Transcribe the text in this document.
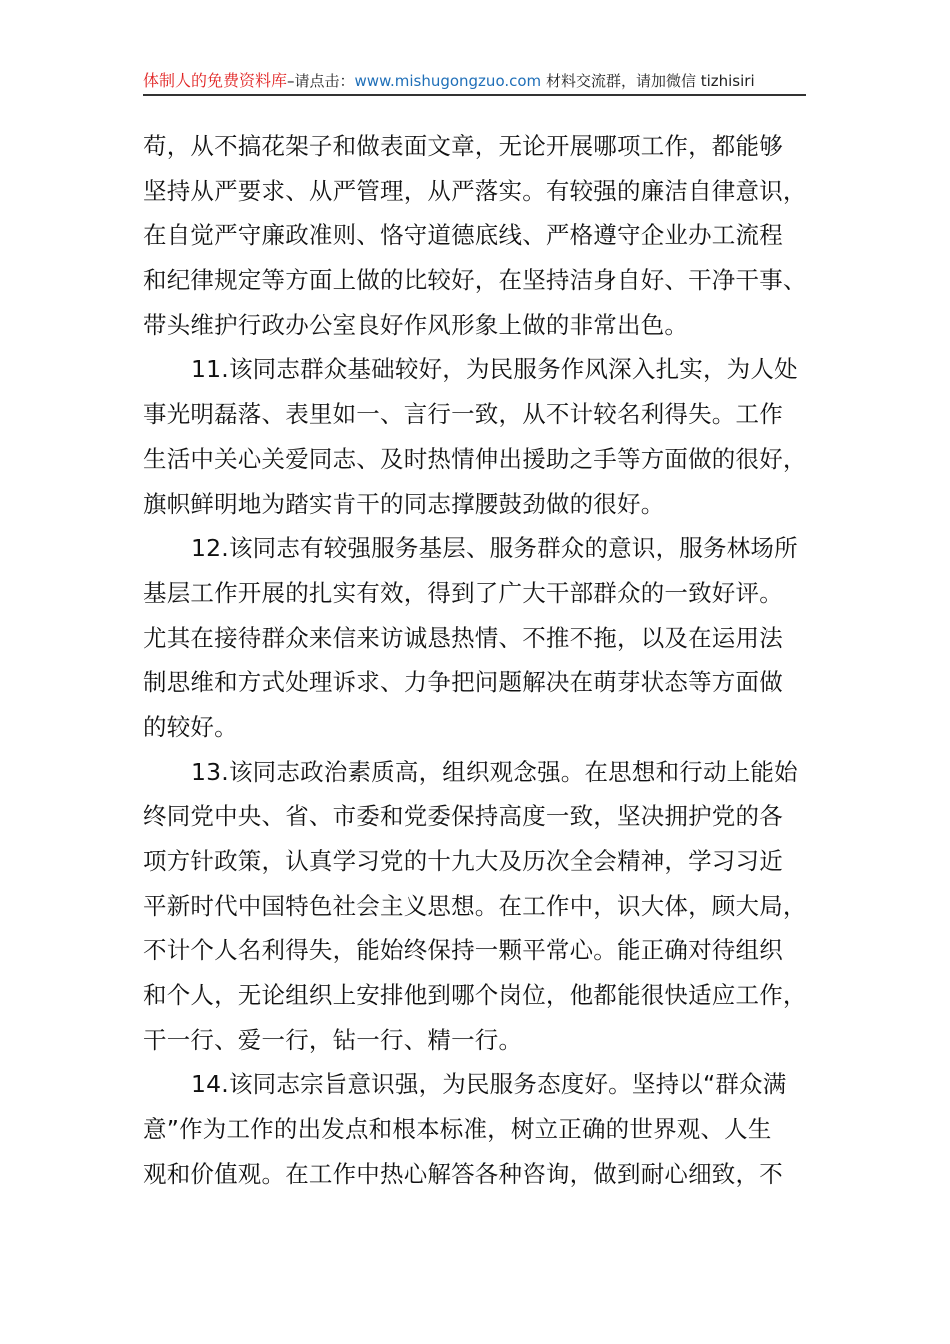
体制人的免费资料库–请点击：www.mishugongzuo.com 材料交流群，请加微信 tizhisiri
苟，从不搞花架子和做表面文章，无论开展哪项工作，都能够
坚持从严要求、从严管理，从严落实。有较强的廉洁自律意识，
在自觉严守廉政准则、恪守道德底线、严格遵守企业办工流程
和纪律规定等方面上做的比较好，在坚持洁身自好、干净干事、
带头维护行政办公室良好作风形象上做的非常出色。
11.该同志群众基础较好，为民服务作风深入扎实，为人处
事光明磊落、表里如一、言行一致，从不计较名利得失。工作
生活中关心关爱同志、及时热情伸出援助之手等方面做的很好，
旗帜鲜明地为踏实肯干的同志撑腰鼓劲做的很好。
12.该同志有较强服务基层、服务群众的意识，服务林场所
基层工作开展的扎实有效，得到了广大干部群众的一致好评。
尤其在接待群众来信来访诚恳热情、不推不拖，以及在运用法
制思维和方式处理诉求、力争把问题解决在萌芽状态等方面做
的较好。
13.该同志政治素质高，组织观念强。在思想和行动上能始
终同党中央、省、市委和党委保持高度一致，坚决拥护党的各
项方针政策，认真学习党的十九大及历次全会精神，学习习近
平新时代中国特色社会主义思想。在工作中，识大体，顾大局，
不计个人名利得失，能始终保持一颗平常心。能正确对待组织
和个人，无论组织上安排他到哪个岗位，他都能很快适应工作，
干一行、爱一行，钻一行、精一行。
14.该同志宗旨意识强，为民服务态度好。坚持以“群众满
意”作为工作的出发点和根本标准，树立正确的世界观、人生
观和价值观。在工作中热心解答各种咨询，做到耐心细致，不
